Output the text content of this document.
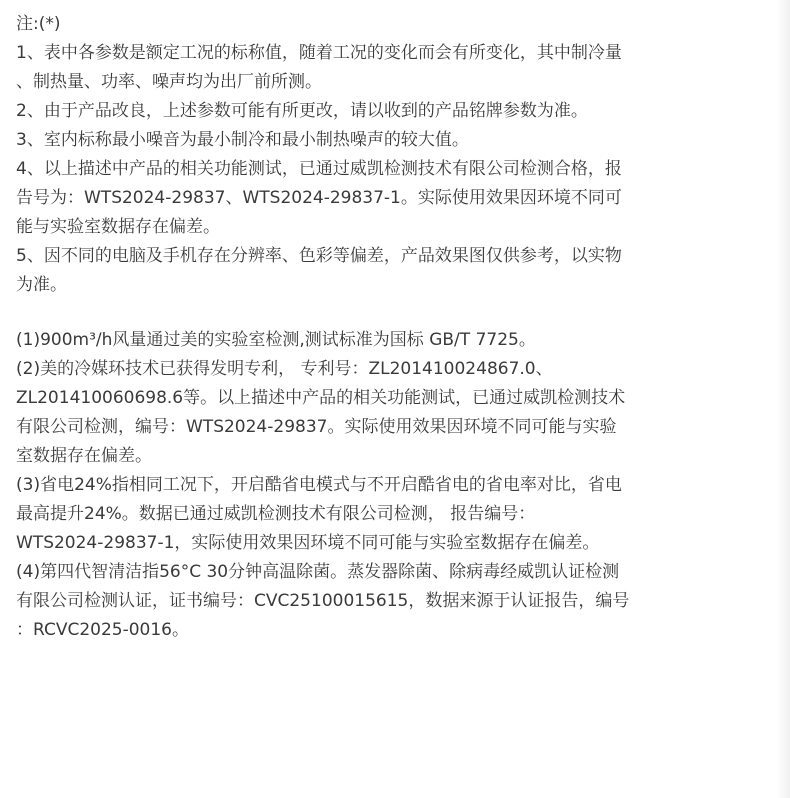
注:(*)

1、表中各参数是额定工况的标称值，随着工况的变化而会有所变化，其中制冷量

、制热量、功率、噪声均为出厂前所测。

2、由于产品改良，上述参数可能有所更改，请以收到的产品铭牌参数为准。

3、室内标称最小噪音为最小制冷和最小制热噪声的较大值。

4、以上描述中产品的相关功能测试，已通过威凯检测技术有限公司检测合格，报

告号为：WTS2024-29837、WTS2024-29837-1。实际使用效果因环境不同可

能与实验室数据存在偏差。

5、因不同的电脑及手机存在分辨率、色彩等偏差，产品效果图仅供参考，以实物

为准。

(1)900m³/h风量通过美的实验室检测,测试标准为国标 GB/T 7725。

(2)美的冷媒环技术已获得发明专利， 专利号：ZL201410024867.0、

ZL201410060698.6等。以上描述中产品的相关功能测试，已通过威凯检测技术

有限公司检测，编号：WTS2024-29837。实际使用效果因环境不同可能与实验

室数据存在偏差。

(3)省电24%指相同工况下，开启酷省电模式与不开启酷省电的省电率对比，省电

最高提升24%。数据已通过威凯检测技术有限公司检测， 报告编号：

WTS2024-29837-1，实际使用效果因环境不同可能与实验室数据存在偏差。

(4)第四代智清洁指56°C 30分钟高温除菌。蒸发器除菌、除病毒经威凯认证检测

有限公司检测认证，证书编号：CVC25100015615，数据来源于认证报告，编号

：RCVC2025-0016。
